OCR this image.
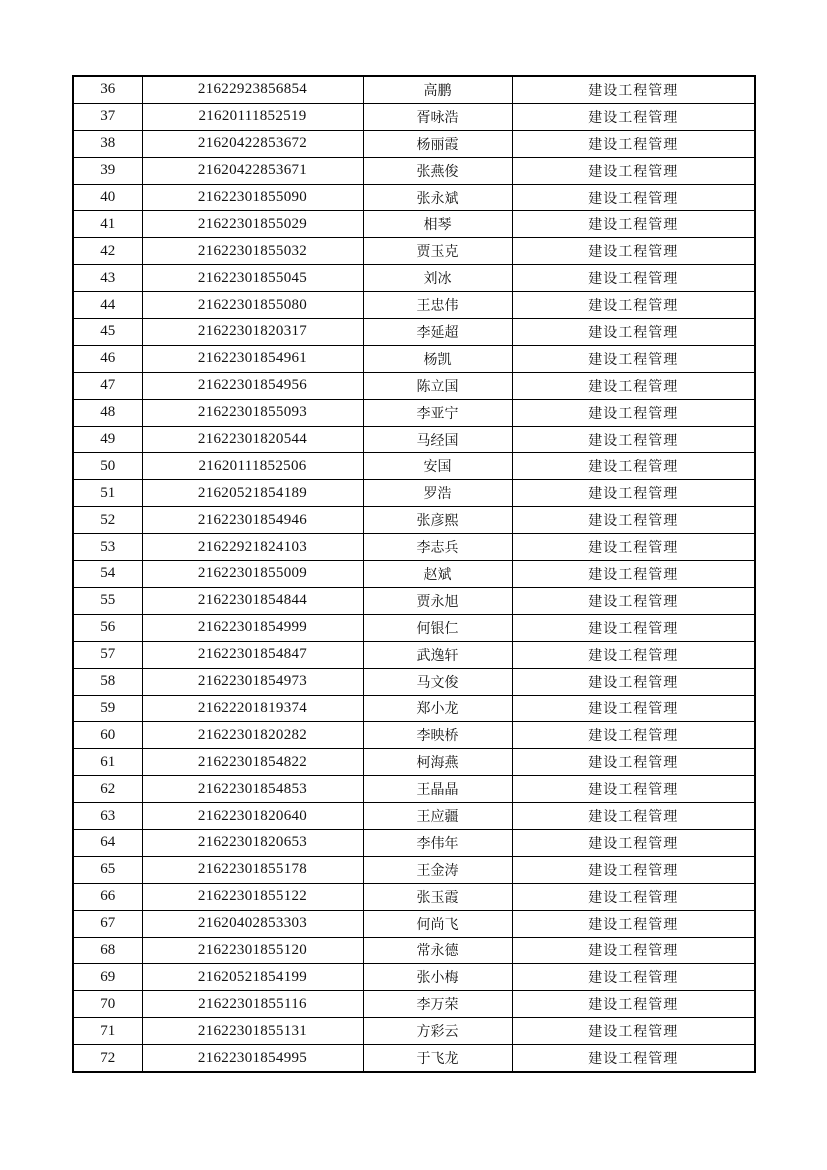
36	21622923856854	高鹏	建设工程管理
37	21620111852519	胥咏浩	建设工程管理
38	21620422853672	杨丽霞	建设工程管理
39	21620422853671	张燕俊	建设工程管理
40	21622301855090	张永斌	建设工程管理
41	21622301855029	相琴	建设工程管理
42	21622301855032	贾玉克	建设工程管理
43	21622301855045	刘冰	建设工程管理
44	21622301855080	王忠伟	建设工程管理
45	21622301820317	李延超	建设工程管理
46	21622301854961	杨凯	建设工程管理
47	21622301854956	陈立国	建设工程管理
48	21622301855093	李亚宁	建设工程管理
49	21622301820544	马经国	建设工程管理
50	21620111852506	安国	建设工程管理
51	21620521854189	罗浩	建设工程管理
52	21622301854946	张彦熙	建设工程管理
53	21622921824103	李志兵	建设工程管理
54	21622301855009	赵斌	建设工程管理
55	21622301854844	贾永旭	建设工程管理
56	21622301854999	何银仁	建设工程管理
57	21622301854847	武逸轩	建设工程管理
58	21622301854973	马文俊	建设工程管理
59	21622201819374	郑小龙	建设工程管理
60	21622301820282	李映桥	建设工程管理
61	21622301854822	柯海燕	建设工程管理
62	21622301854853	王晶晶	建设工程管理
63	21622301820640	王应疆	建设工程管理
64	21622301820653	李伟年	建设工程管理
65	21622301855178	王金涛	建设工程管理
66	21622301855122	张玉霞	建设工程管理
67	21620402853303	何尚飞	建设工程管理
68	21622301855120	常永德	建设工程管理
69	21620521854199	张小梅	建设工程管理
70	21622301855116	李万荣	建设工程管理
71	21622301855131	方彩云	建设工程管理
72	21622301854995	于飞龙	建设工程管理
